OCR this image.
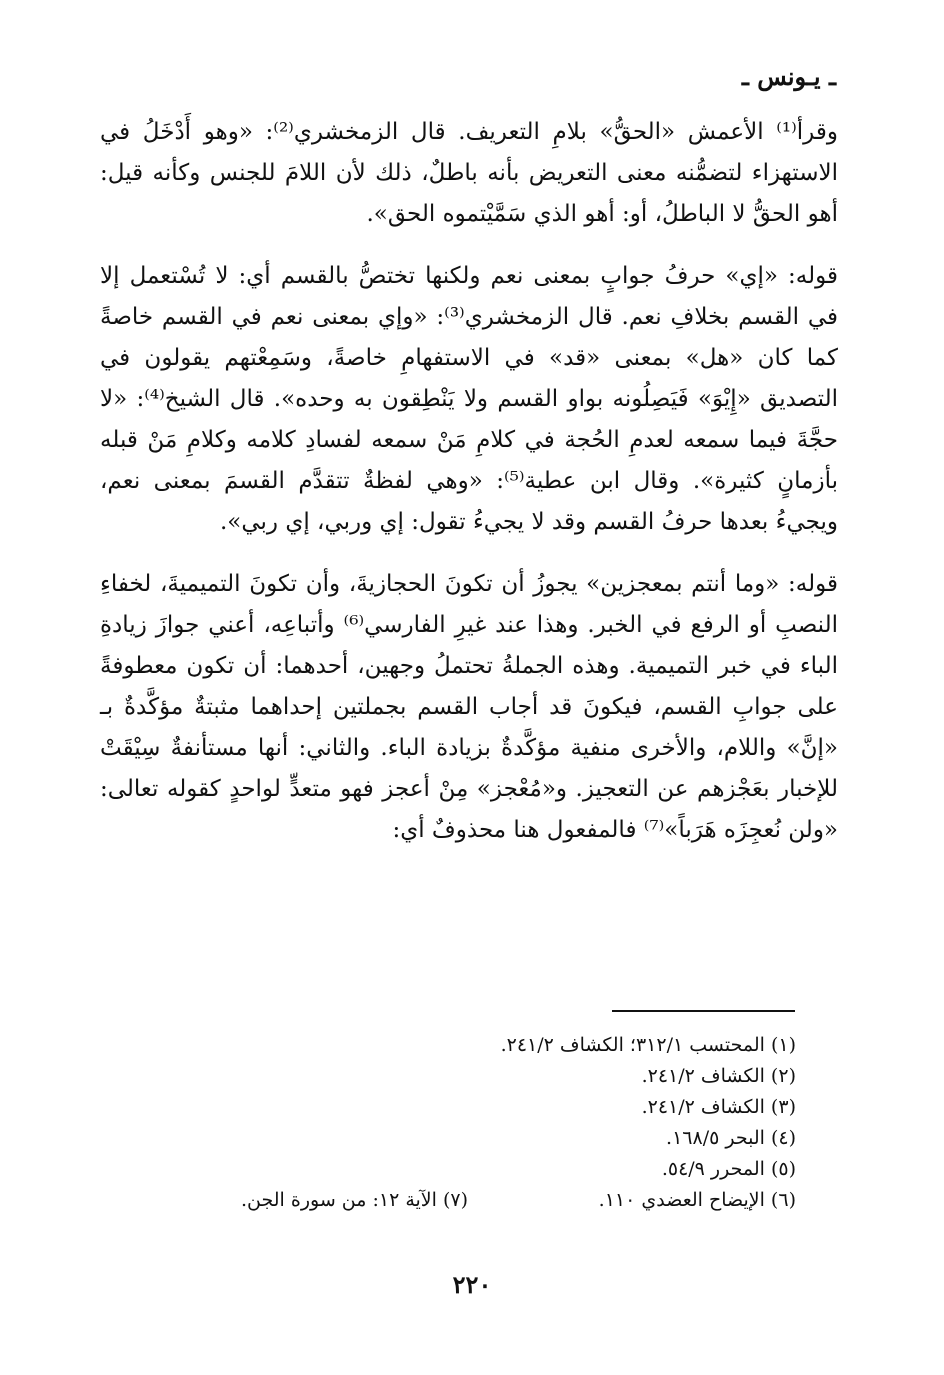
ـ يـونس ـ

وقرأ⁽¹⁾ الأعمش «الحقُّ» بلامِ التعريف. قال الزمخشري⁽²⁾: «وهو أَدْخَلُ في الاستهزاء لتضمُّنه معنى التعريض بأنه باطلٌ، ذلك لأن اللامَ للجنس وكأنه قيل: أهو الحقُّ لا الباطلُ، أو: أهو الذي سَمَّيْتموه الحق».

قوله: «إي» حرفُ جوابٍ بمعنى نعم ولكنها تختصُّ بالقسم أي: لا تُسْتعمل إلا في القسم بخلافِ نعم. قال الزمخشري⁽³⁾: «وإي بمعنى نعم في القسم خاصةً كما كان «هل» بمعنى «قد» في الاستفهامِ خاصةً، وسَمِعْتهم يقولون في التصديق «إِيْوَ» فَيَصِلُونه بواو القسم ولا يَنْطِقون به وحده». قال الشيخ⁽⁴⁾: «لا حجَّةَ فيما سمعه لعدمِ الحُجة في كلامِ مَنْ سمعه لفسادِ كلامه وكلامِ مَنْ قبله بأزمانٍ كثيرة». وقال ابن عطية⁽⁵⁾: «وهي لفظةٌ تتقدَّم القسمَ بمعنى نعم، ويجيءُ بعدها حرفُ القسم وقد لا يجيءُ تقول: إي وربي، إي ربي».

قوله: «وما أنتم بمعجزين» يجوزُ أن تكونَ الحجازيةَ، وأن تكونَ التميميةَ، لخفاءِ النصبِ أو الرفع في الخبر. وهذا عند غيرِ الفارسي⁽⁶⁾ وأتباعِه، أعني جوازَ زيادةِ الباء في خبر التميمية. وهذه الجملةُ تحتملُ وجهين، أحدهما: أن تكون معطوفةً على جوابِ القسم، فيكونَ قد أجاب القسم بجملتين إحداهما مثبتةٌ مؤكَّدةٌ بـ «إنَّ» واللام، والأخرى منفية مؤكَّدةٌ بزيادة الباء. والثاني: أنها مستأنفةٌ سِيْقَتْ للإخبار بعَجْزهم عن التعجيز. و«مُعْجز» مِنْ أعجز فهو متعدٍّ لواحدٍ كقوله تعالى: «ولن نُعجِزَه هَرَباً»⁽⁷⁾ فالمفعول هنا محذوفٌ أي:

(١) المحتسب ٣١٢/١؛ الكشاف ٢٤١/٢.
(٢) الكشاف ٢٤١/٢.
(٣) الكشاف ٢٤١/٢.
(٤) البحر ١٦٨/٥.
(٥) المحرر ٥٤/٩.
(٦) الإيضاح العضدي ١١٠.
(٧) الآية ١٢: من سورة الجن.
٢٢٠
